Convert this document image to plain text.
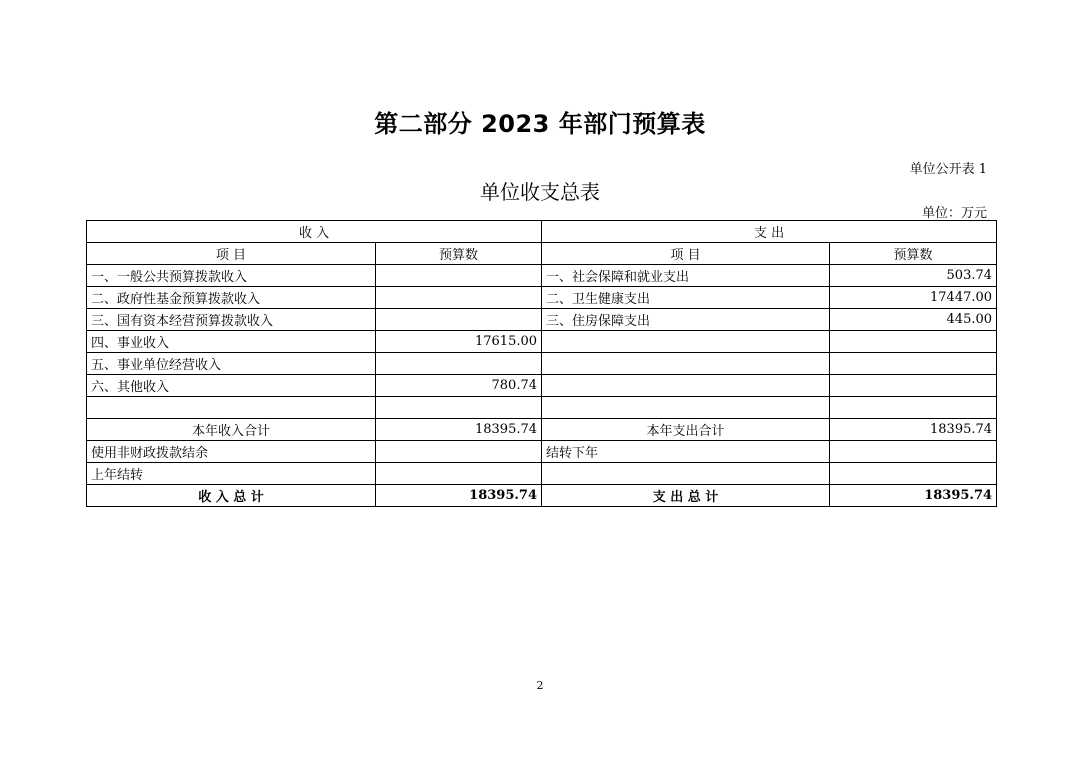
第二部分 2023 年部门预算表
单位公开表 1
单位收支总表
单位：万元
收 入		支 出	
项 目	预算数	项 目	预算数
一、一般公共预算拨款收入		一、社会保障和就业支出	503.74
二、政府性基金预算拨款收入		二、卫生健康支出	17447.00
三、国有资本经营预算拨款收入		三、住房保障支出	445.00
四、事业收入	17615.00		
五、事业单位经营收入			
六、其他收入	780.74		

本年收入合计	18395.74	本年支出合计	18395.74
使用非财政拨款结余		结转下年	
上年结转			
收 入 总 计	18395.74	支 出 总 计	18395.74
2
